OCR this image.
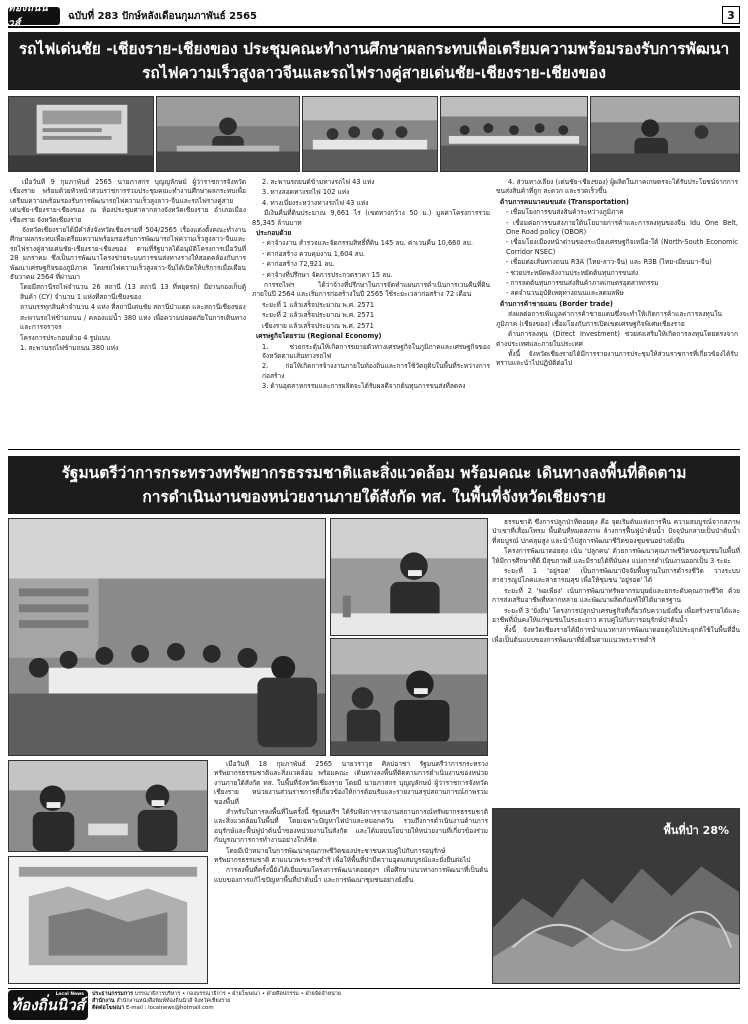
ท้องถิ่นนิวส์
ฉบับที่ 283 ปักษ์หลังเดือนกุมภาพันธ์ 2565	3
รถไฟเด่นชัย -เชียงราย-เชียงของ ประชุมคณะทำงานศึกษาผลกระทบเพื่อเตรียมความพร้อมรองรับการพัฒนา
รถไฟความเร็วสูงลาวจีนและรถไฟรางคู่สายเด่นชัย-เชียงราย-เชียงของ

เมื่อวันที่ 9 กุมภาพันธ์ 2565 นายภาสกร บุญญลักษม์ ผู้ว่าราชการจังหวัดเชียงราย พร้อมด้วยหัวหน้าส่วนราชการร่วมประชุมคณะทำงานศึกษาผลกระทบเพื่อเตรียมความพร้อมรองรับการพัฒนารถไฟความเร็วสูงลาว-จีนและรถไฟรางคู่สายเด่นชัย-เชียงราย-เชียงของ ณ ห้องประชุมศาลากลางจังหวัดเชียงราย อำเภอเมืองเชียงราย จังหวัดเชียงราย

จังหวัดเชียงรายได้มีคำสั่งจังหวัดเชียงรายที่ 504/2565 เรื่องแต่งตั้งคณะทำงานศึกษาผลกระทบเพื่อเตรียมความพร้อมรองรับการพัฒนารถไฟความเร็วสูงลาว-จีนและรถไฟรางคู่สายเด่นชัย-เชียงราย-เชียงของ ตามที่รัฐบาลได้อนุมัติโครงการเมื่อวันที่ 28 มกราคม ซึ่งเป็นการพัฒนาโครงข่ายระบบการขนส่งทางรางให้สอดคล้องกับการพัฒนาเศรษฐกิจของภูมิภาค โดยรถไฟความเร็วสูงลาว-จีนได้เปิดให้บริการเมื่อเดือนธันวาคม 2564 ที่ผ่านมา

โดยมีสถานีรถไฟจำนวน 26 สถานี (13 สถานี 13 ที่หยุดรถ) มีย่านกองเก็บตู้สินค้า (CY) จำนวน 1 แห่งที่สถานีเชียงของ

ลานบรรทุกสินค้าจำนวน 4 แห่ง ที่สถานีเด่นชัย สถานีป่าแดด และสถานีเชียงของ

สะพานรถไฟข้ามถนน / คลองแม่น้ำ 380 แห่ง เพื่อความปลอดภัยในการเดินทางและการจราจร

โครงการประกอบด้วย 4 รูปแบบ

1. สะพานรถไฟข้ามถนน 380 แห่ง

2. สะพานรถยนต์ข้ามทางรถไฟ 43 แห่ง

3. ทางลอดทางรถไฟ 102 แห่ง

4. ทางเบี่ยงระหว่างทางรถไฟ 43 แห่ง

มีเงินคืนที่ดินประมาณ 9,661 ไร่ (เขตทางกว้าง 50 ม.) มูลค่าโครงการรวม 85,345 ล้านบาท

ประกอบด้วย

- ค่าจ้างงาน สำรวจและจัดกรรมสิทธิ์ที่ดิน 145 ลบ. ค่าเวนคืน 10,660 ลบ.

- ค่าก่อสร้าง ควบคุมงาน 1,604 ลบ.

- ค่าก่อสร้าง 72,921 ลบ.

- ค่าจ้างที่ปรึกษา จัดการประกวดราคา 15 ลบ.

การรถไฟฯ ได้ว่าจ้างที่ปรึกษาในการจัดทำแผนการดำเนินการเวนคืนที่ดิน ภายในปี 2564 และเริ่มการก่อสร้างในปี 2565 ใช้ระยะเวลาก่อสร้าง 72 เดือน

ระยะที่ 1 แล้วเสร็จประมาณ พ.ศ. 2571

ระยะที่ 2 แล้วเสร็จประมาณ พ.ศ. 2571

เชียงราย แล้วเสร็จประมาณ พ.ศ. 2571

เศรษฐกิจโดยรวม (Regional Economy)

1. ช่วยกระตุ้นให้เกิดการขยายตัวทางเศรษฐกิจในภูมิภาคและเศรษฐกิจของจังหวัดตามเส้นทางรถไฟ

2. ก่อให้เกิดการจ้างงานภายในท้องถิ่นและการใช้วัตถุดิบในพื้นที่ระหว่างการก่อสร้าง

3. ด้านอุตสาหกรรมและการผลิตจะได้รับผลดีจากต้นทุนการขนส่งที่ลดลง

4. ส่วนทางเลี่ยง (เด่นชัย-เชียงของ) ผู้ผลิตในภาคเกษตรจะได้รับประโยชน์จากการขนส่งสินค้าที่ถูก สะดวก และรวดเร็วขึ้น

ด้านการคมนาคมขนส่ง (Transportation)

- เชื่อมโยงการขนส่งสินค้าระหว่างภูมิภาค

- เชื่อมต่อการขนส่งภายใต้นโยบายการค้าและการลงทุนของจีน Idu One Belt, One Road policy (OBOR)

- เชื่อมโยงเมืองหน้าด่านของระเบียงเศรษฐกิจเหนือ-ใต้ (North-South Economic Corridor NSEC)

- เชื่อมต่อเส้นทางถนน R3A (ไทย-ลาว-จีน) และ R3B (ไทย-เมียนมา-จีน)

- ช่วยประหยัดพลังงานประหยัดต้นทุนการขนส่ง

- การลดต้นทุนการขนส่งสินค้าภาคเกษตรอุตสาหกรรม

- ลดจำนวนอุบัติเหตุทางถนนและลดมลพิษ

ด้านการค้าชายแดน (Border trade)

ส่งผลต่อการเพิ่มมูลค่าการค้าชายแดนซึ่งจะทำให้เกิดการค้าและการลงทุนในภูมิภาค (เชียงของ) เชื่อมโยงกับการเปิดเขตเศรษฐกิจพิเศษเชียงราย

ด้านการลงทุน (Direct Investment) ช่วยส่งเสริมให้เกิดการลงทุนโดยตรงจากต่างประเทศและภายในประเทศ

ทั้งนี้ จังหวัดเชียงรายได้มีการรายงานการประชุมให้ส่วนราชการที่เกี่ยวข้องได้รับทราบและนำไปปฏิบัติต่อไป

รัฐมนตรีว่าการกระทรวงทรัพยากรธรรมชาติและสิ่งแวดล้อม พร้อมคณะ เดินทางลงพื้นที่ติดตาม
การดำเนินงานของหน่วยงานภายใต้สังกัด ทส. ในพื้นที่จังหวัดเชียงราย
พื้นที่ป่า 28%

ธรรมชาติ ซึ่งการปลูกป่าที่ดอยตุง คือ จุดเริ่มต้นแห่งการฟื้น ความสมบูรณ์จากสภาพป่าเขาที่เสื่อมโทรม พื้นดินที่หมดสภาพ ล้างการฟื้นฟูป่าต้นน้ำ ปัจจุบันกลายเป็นป่าต้นน้ำที่สมบูรณ์ ปกคลุมสูง และนำไปสู่การพัฒนาชีวิตของชุมชนอย่างยั่งยืน

โครงการพัฒนาดอยตุง เน้น 'ปลูกคน' ด้วยการพัฒนาคุณภาพชีวิตของชุมชนในพื้นที่ให้มีการศึกษาที่ดี มีสุขภาพดี และมีรายได้ที่มั่นคง แบ่งการดำเนินงานออกเป็น 3 ระยะ

ระยะที่ 1 'อยู่รอด' เป็นการพัฒนาปัจจัยพื้นฐานในการดำรงชีวิต วางระบบสาธารณูปโภคและสาธารณสุข เพื่อให้ชุมชน 'อยู่รอด' ได้

ระยะที่ 2 'พอเพียง' เน้นการพัฒนาทรัพยากรมนุษย์และยกระดับคุณภาพชีวิต ด้วยการส่งเสริมอาชีพที่หลากหลาย และพัฒนาผลิตภัณฑ์ให้ได้มาตรฐาน

ระยะที่ 3 'ยั่งยืน' โครงการปลูกป่าเศรษฐกิจที่เกี่ยวกับความยั่งยืน เพื่อสร้างรายได้และอาชีพที่มั่นคงให้แก่ชุมชนในระยะยาว ควบคู่ไปกับการอนุรักษ์ป่าต้นน้ำ

ทั้งนี้ จังหวัดเชียงรายได้มีการนำแนวทางการพัฒนาดอยตุงไปประยุกต์ใช้ในพื้นที่อื่น เพื่อเป็นต้นแบบของการพัฒนาที่ยั่งยืนตามแนวพระราชดำริ

เมื่อวันที่ 18 กุมภาพันธ์ 2565 นายวราวุธ ศิลปอาชา รัฐมนตรีว่าการกระทรวงทรัพยากรธรรมชาติและสิ่งแวดล้อม พร้อมคณะ เดินทางลงพื้นที่ติดตามการดำเนินงานของหน่วยงานภายใต้สังกัด ทส. ในพื้นที่จังหวัดเชียงราย โดยมี นายภาสกร บุญญลักษม์ ผู้ว่าราชการจังหวัดเชียงราย หน่วยงานส่วนราชการที่เกี่ยวข้องให้การต้อนรับและรายงานสรุปสถานการณ์ภาพรวมของพื้นที่

สำหรับในการลงพื้นที่ในครั้งนี้ รัฐมนตรีฯ ได้รับฟังการรายงานสถานการณ์ทรัพยากรธรรมชาติและสิ่งแวดล้อมในพื้นที่ โดยเฉพาะปัญหาไฟป่าและหมอกควัน รวมถึงการดำเนินงานด้านการอนุรักษ์และฟื้นฟูป่าต้นน้ำของหน่วยงานในสังกัด และได้มอบนโยบายให้หน่วยงานที่เกี่ยวข้องร่วมกันบูรณาการการทำงานอย่างใกล้ชิด

โดยมีเป้าหมายในการพัฒนาคุณภาพชีวิตของประชาชนควบคู่ไปกับการอนุรักษ์ทรัพยากรธรรมชาติ ตามแนวพระราชดำริ เพื่อให้พื้นที่ป่ามีความอุดมสมบูรณ์และยั่งยืนต่อไป

การลงพื้นที่ครั้งนี้ยังได้เยี่ยมชมโครงการพัฒนาดอยตุงฯ เพื่อศึกษาแนวทางการพัฒนาที่เป็นต้นแบบของการแก้ไขปัญหาพื้นที่ป่าต้นน้ำ และการพัฒนาชุมชนอย่างยั่งยืน

ท้องถิ่นนิวส์
Local News ประธานกรรมการ บรรณาธิการบริหาร • กองบรรณาธิการ • ฝ่ายโฆษณา • ฝ่ายศิลปกรรม • ฝ่ายจัดจำหน่าย
สำนักงาน สำนักงานหนังสือพิมพ์ท้องถิ่นนิวส์ จังหวัดเชียงราย
ติดต่อโฆษณา E-mail : localnews@hotmail.com
